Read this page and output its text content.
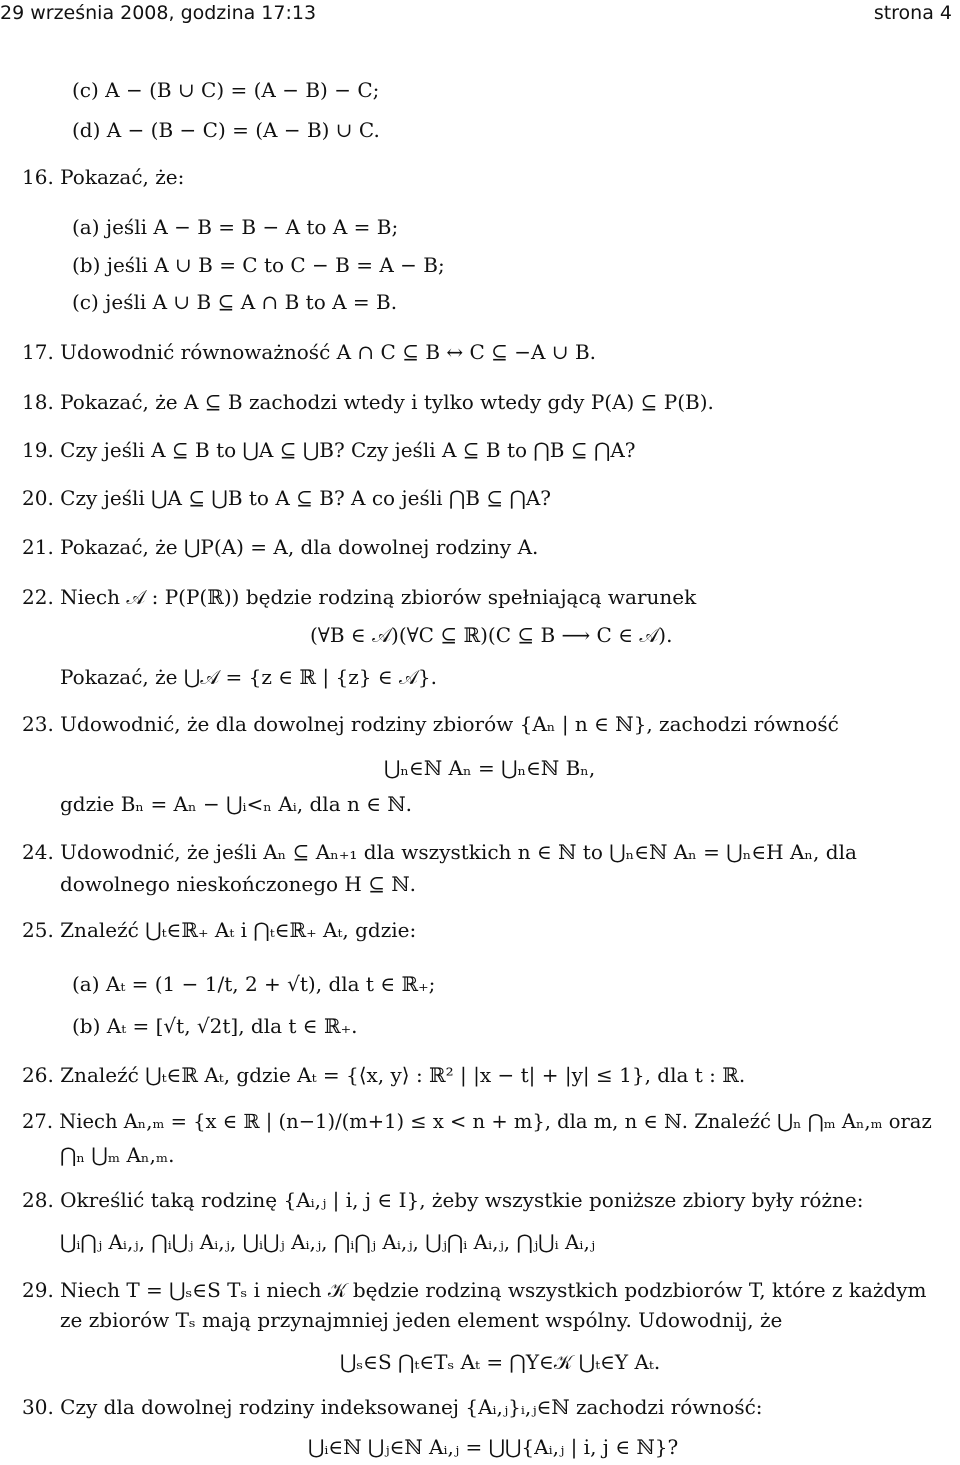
29 września 2008, godzina 17:13	strona 4
(c) A − (B ∪ C) = (A − B) − C;
(d) A − (B − C) = (A − B) ∪ C.
16. Pokazać, że:
(a) jeśli A − B = B − A to A = B;
(b) jeśli A ∪ B = C to C − B = A − B;
(c) jeśli A ∪ B ⊆ A ∩ B to A = B.
17. Udowodnić równoważność A ∩ C ⊆ B ↔ C ⊆ −A ∪ B.
18. Pokazać, że A ⊆ B zachodzi wtedy i tylko wtedy gdy P(A) ⊆ P(B).
19. Czy jeśli A ⊆ B to ⋃A ⊆ ⋃B? Czy jeśli A ⊆ B to ⋂B ⊆ ⋂A?
20. Czy jeśli ⋃A ⊆ ⋃B to A ⊆ B? A co jeśli ⋂B ⊆ ⋂A?
21. Pokazać, że ⋃P(A) = A, dla dowolnej rodziny A.
22. Niech 𝒜 : P(P(ℝ)) będzie rodziną zbiorów spełniającą warunek
(∀B ∈ 𝒜)(∀C ⊆ ℝ)(C ⊆ B ⟶ C ∈ 𝒜).
Pokazać, że ⋃𝒜 = {z ∈ ℝ | {z} ∈ 𝒜}.
23. Udowodnić, że dla dowolnej rodziny zbiorów {Aₙ | n ∈ ℕ}, zachodzi równość
⋃ₙ∈ℕ Aₙ = ⋃ₙ∈ℕ Bₙ,
gdzie Bₙ = Aₙ − ⋃ᵢ<ₙ Aᵢ, dla n ∈ ℕ.
24. Udowodnić, że jeśli Aₙ ⊆ Aₙ₊₁ dla wszystkich n ∈ ℕ to ⋃ₙ∈ℕ Aₙ = ⋃ₙ∈H Aₙ, dla
dowolnego nieskończonego H ⊆ ℕ.
25. Znaleźć ⋃ₜ∈ℝ₊ Aₜ i ⋂ₜ∈ℝ₊ Aₜ, gdzie:
(a) Aₜ = (1 − 1/t, 2 + √t), dla t ∈ ℝ₊;
(b) Aₜ = [√t, √2t], dla t ∈ ℝ₊.
26. Znaleźć ⋃ₜ∈ℝ Aₜ, gdzie Aₜ = {⟨x, y⟩ : ℝ² | |x − t| + |y| ≤ 1}, dla t : ℝ.
27. Niech Aₙ,ₘ = {x ∈ ℝ | (n−1)/(m+1) ≤ x < n + m}, dla m, n ∈ ℕ. Znaleźć ⋃ₙ ⋂ₘ Aₙ,ₘ oraz
⋂ₙ ⋃ₘ Aₙ,ₘ.
28. Określić taką rodzinę {Aᵢ,ⱼ | i, j ∈ I}, żeby wszystkie poniższe zbiory były różne:
⋃ᵢ⋂ⱼ Aᵢ,ⱼ, ⋂ᵢ⋃ⱼ Aᵢ,ⱼ, ⋃ᵢ⋃ⱼ Aᵢ,ⱼ, ⋂ᵢ⋂ⱼ Aᵢ,ⱼ, ⋃ⱼ⋂ᵢ Aᵢ,ⱼ, ⋂ⱼ⋃ᵢ Aᵢ,ⱼ
29. Niech T = ⋃ₛ∈S Tₛ i niech 𝒦 będzie rodziną wszystkich podzbiorów T, które z każdym
ze zbiorów Tₛ mają przynajmniej jeden element wspólny. Udowodnij, że
⋃ₛ∈S ⋂ₜ∈Tₛ Aₜ = ⋂Y∈𝒦 ⋃ₜ∈Y Aₜ.
30. Czy dla dowolnej rodziny indeksowanej {Aᵢ,ⱼ}ᵢ,ⱼ∈ℕ zachodzi równość:
⋃ᵢ∈ℕ ⋃ⱼ∈ℕ Aᵢ,ⱼ = ⋃⋃{Aᵢ,ⱼ | i, j ∈ ℕ}?
